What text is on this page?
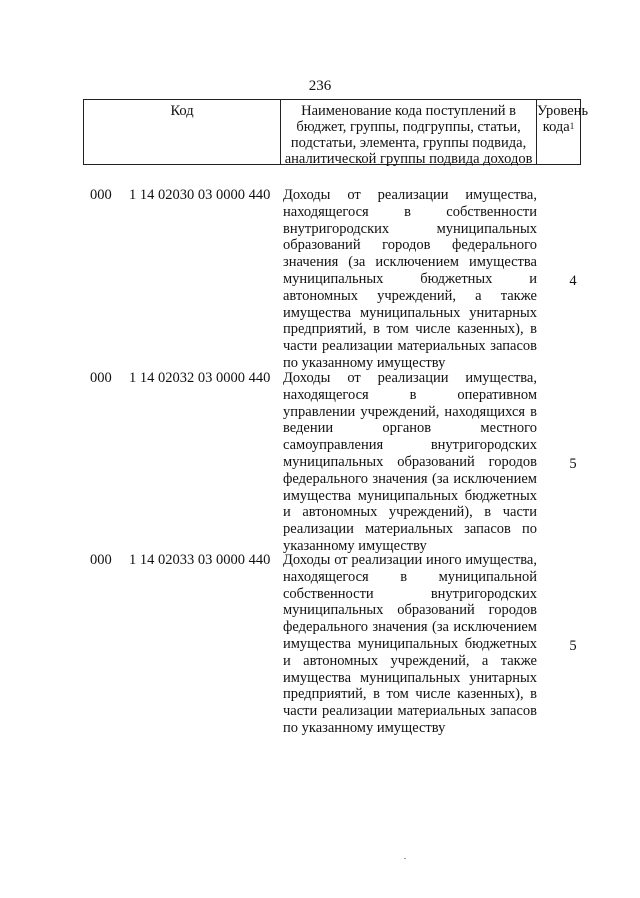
236
Код	Наименование кода поступлений в
бюджет, группы, подгруппы, статьи,
подстатьи, элемента, группы подвида,
аналитической группы подвида доходов
Уровень
кода$^1$
000 1 14 02030 03 0000 440 Доходы от реализации имущества,
находящегося в собственности
внутригородских муниципальных
образований городов федерального
значения (за исключением имущества
муниципальных бюджетных и
автономных учреждений, а также
имущества муниципальных унитарных
предприятий, в том числе казенных), в
части реализации материальных запасов
по указанному имуществу
4
000 1 14 02032 03 0000 440 Доходы от реализации имущества,
находящегося в оперативном
управлении учреждений, находящихся в
ведении органов местного
самоуправления внутригородских
муниципальных образований городов
федерального значения (за исключением
имущества муниципальных бюджетных
и автономных учреждений), в части
реализации материальных запасов по
указанному имуществу
5
000 1 14 02033 03 0000 440 Доходы от реализации иного имущества,
находящегося в муниципальной
собственности внутригородских
муниципальных образований городов
федерального значения (за исключением
имущества муниципальных бюджетных
и автономных учреждений, а также
имущества муниципальных унитарных
предприятий, в том числе казенных), в
части реализации материальных запасов
по указанному имуществу
5
